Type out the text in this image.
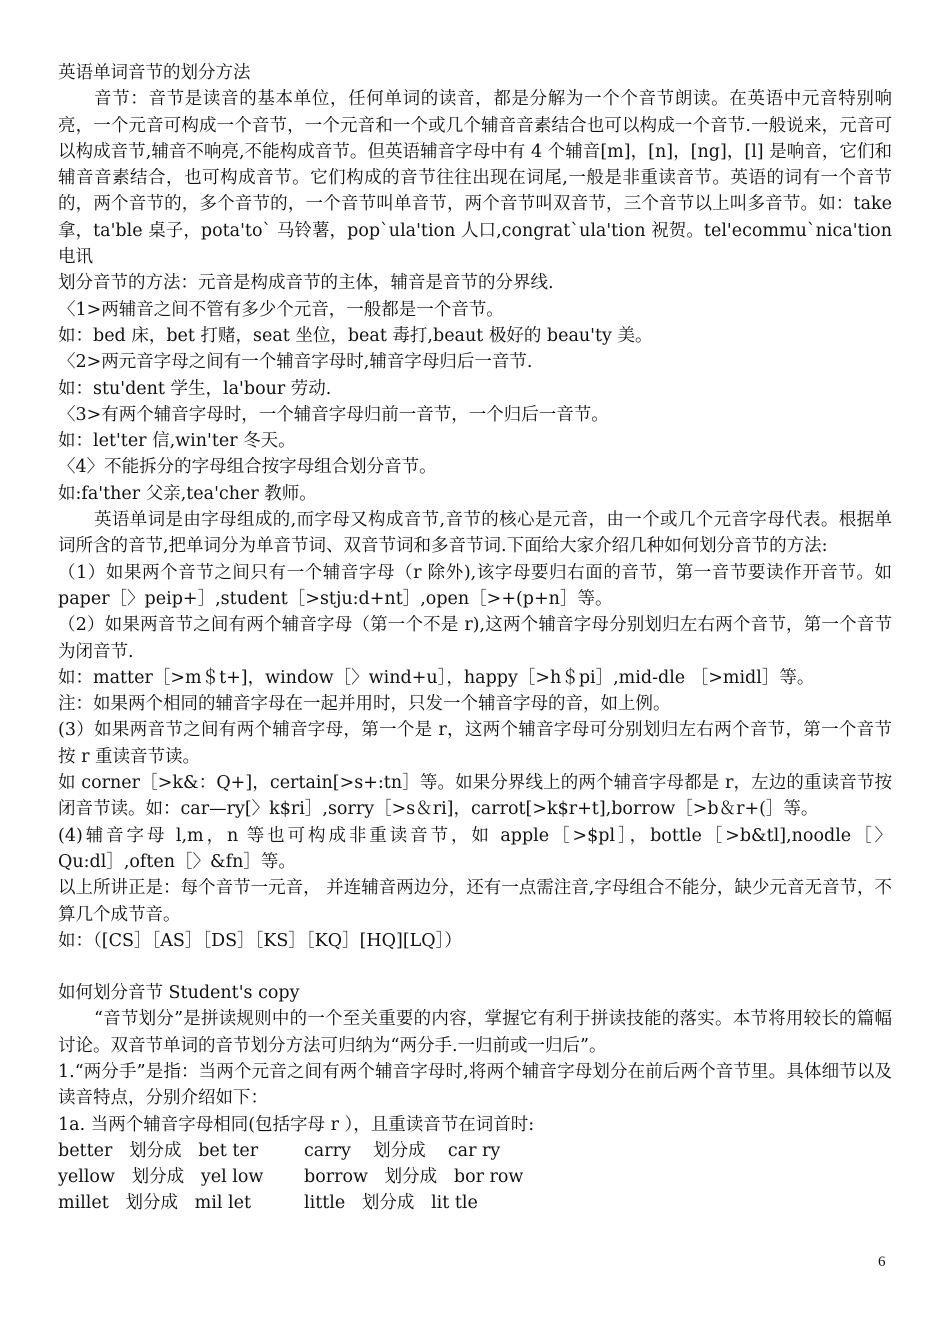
英语单词音节的划分方法

音节：音节是读音的基本单位，任何单词的读音，都是分解为一个个音节朗读。在英语中元音特别响亮，一个元音可构成一个音节，一个元音和一个或几个辅音音素结合也可以构成一个音节.一般说来，元音可以构成音节,辅音不响亮,不能构成音节。但英语辅音字母中有 4 个辅音[m]，[n]，[ng]，[l] 是响音，它们和辅音音素结合，也可构成音节。它们构成的音节往往出现在词尾,一般是非重读音节。英语的词有一个音节的，两个音节的，多个音节的，一个音节叫单音节，两个音节叫双音节，三个音节以上叫多音节。如：take 拿，ta'ble 桌子，pota'to` 马铃薯，pop`ula'tion 人口,congrat`ula'tion 祝贺。tel'ecommu`nica'tion 电讯

划分音节的方法：元音是构成音节的主体，辅音是音节的分界线.

〈1>两辅音之间不管有多少个元音，一般都是一个音节。

如：bed 床，bet 打赌，seat 坐位，beat 毒打,beaut 极好的 beau'ty 美。

〈2>两元音字母之间有一个辅音字母时,辅音字母归后一音节.

如：stu'dent 学生，la'bour 劳动.

〈3>有两个辅音字母时，一个辅音字母归前一音节，一个归后一音节。

如：let'ter 信,win'ter 冬天。

〈4〉不能拆分的字母组合按字母组合划分音节。

如:fa'ther 父亲,tea'cher 教师。

英语单词是由字母组成的,而字母又构成音节,音节的核心是元音，由一个或几个元音字母代表。根据单词所含的音节,把单词分为单音节词、双音节词和多音节词.下面给大家介绍几种如何划分音节的方法:

（1）如果两个音节之间只有一个辅音字母（r 除外),该字母要归右面的音节，第一音节要读作开音节。如 paper［〉peip+］,student［>stju:d+nt］,open［>+(p+n］等。

（2）如果两音节之间有两个辅音字母（第一个不是 r),这两个辅音字母分别划归左右两个音节，第一个音节为闭音节.

如：matter［>m＄t+]，window［〉wind+u］，happy［>h＄pi］,mid-dle ［>midl］等。

注：如果两个相同的辅音字母在一起并用时，只发一个辅音字母的音，如上例。

(3）如果两音节之间有两个辅音字母，第一个是 r，这两个辅音字母可分别划归左右两个音节，第一个音节按 r 重读音节读。

如 corner［>k&：Q+]，certain[>s+:tn］等。如果分界线上的两个辅音字母都是 r，左边的重读音节按闭音节读。如：car—ry[〉k$ri］,sorry［>s＆ri]，carrot[>k$r+t],borrow［>b＆r+(］等。

(4)辅音字母 l,m，n 等也可构成非重读音节，如 apple［>$pl］，bottle［>b&tl],noodle［〉Qu:dl］,often［〉&fn］等。

以上所讲正是：每个音节一元音， 并连辅音两边分，还有一点需注音,字母组合不能分，缺少元音无音节，不算几个成节音。

如：（[CS］［AS］［DS］［KS］［KQ］[HQ][LQ］）

如何划分音节 Student's copy

“音节划分”是拼读规则中的一个至关重要的内容，掌握它有利于拼读技能的落实。本节将用较长的篇幅讨论。双音节单词的音节划分方法可归纳为“两分手.一归前或一归后”。

1.“两分手”是指：当两个元音之间有两个辅音字母时,将两个辅音字母划分在前后两个音节里。具体细节以及读音特点，分别介绍如下：

1a. 当两个辅音字母相同(包括字母 r ），且重读音节在词首时:

better   划分成   bet ter	carry    划分成    car ry
yellow   划分成   yel low	borrow   划分成   bor row
millet   划分成   mil let	little   划分成   lit tle
6
